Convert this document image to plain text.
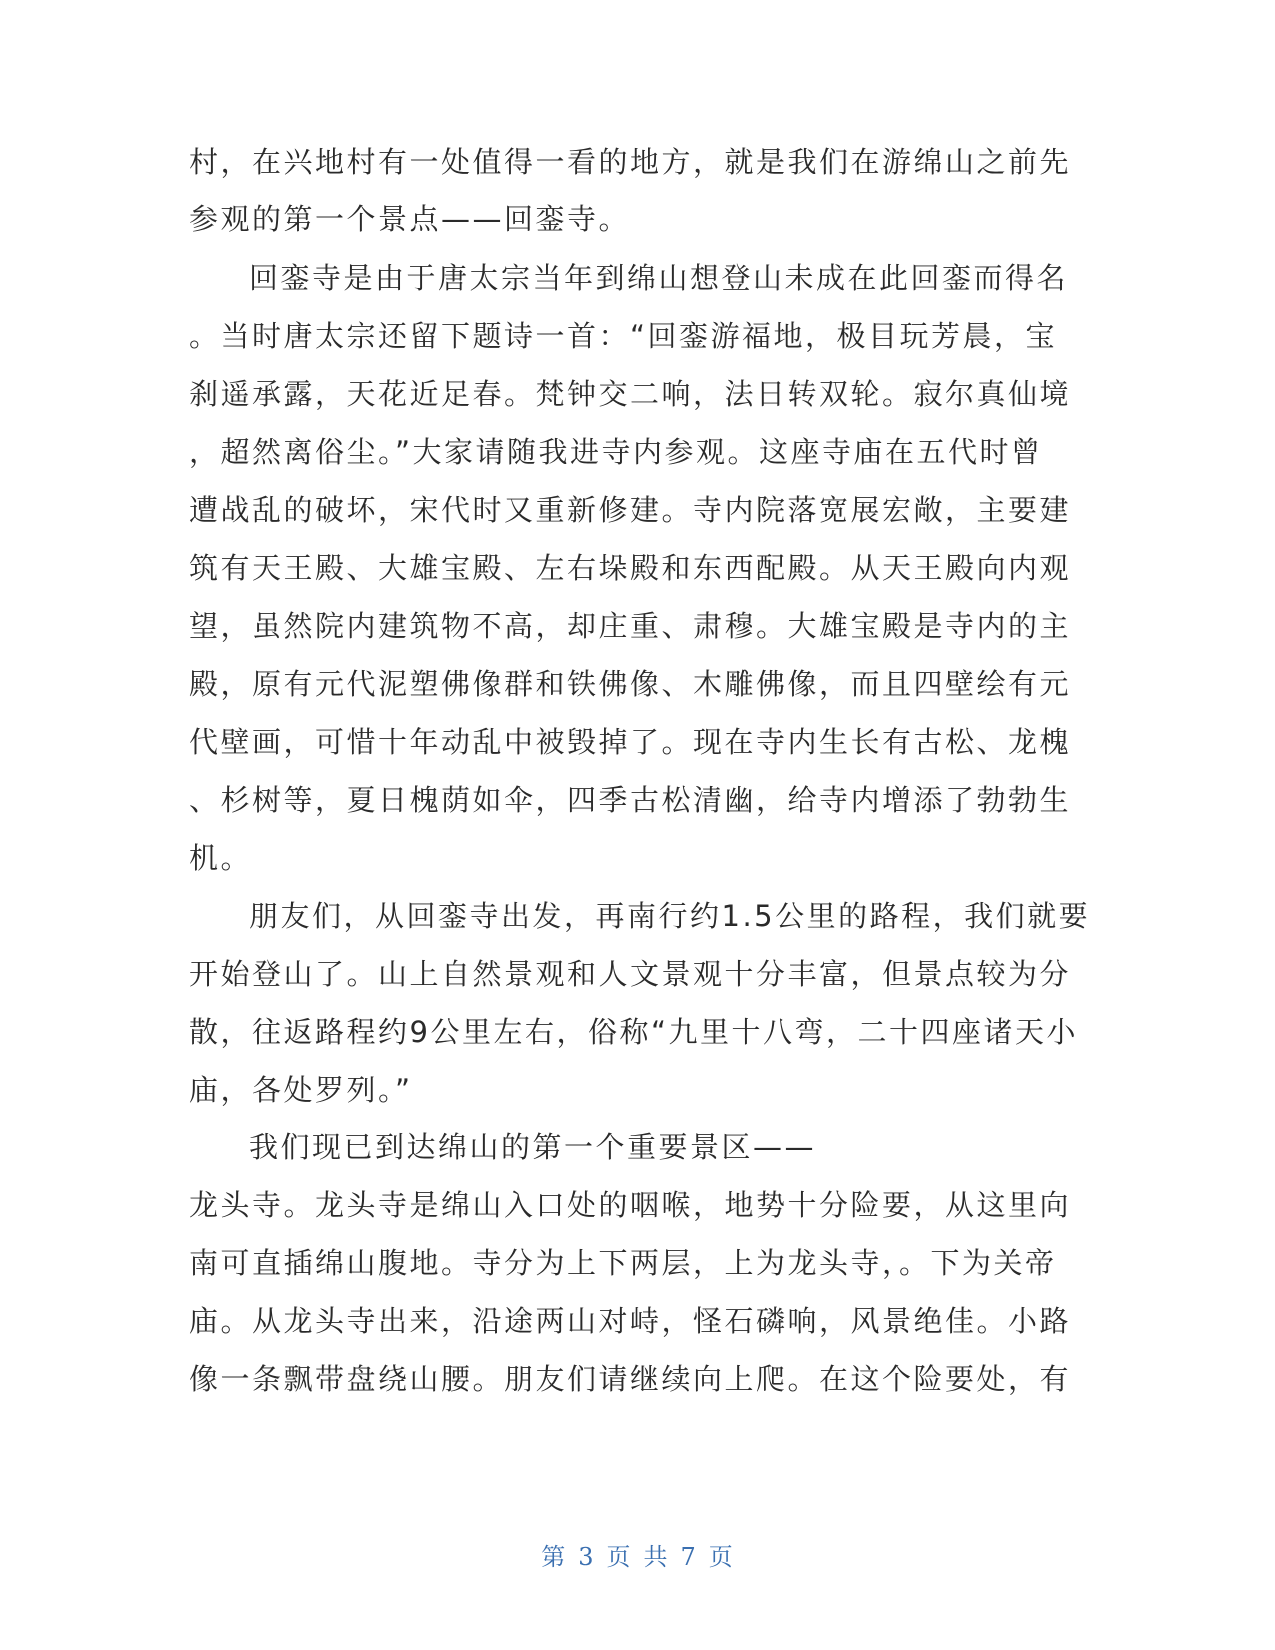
村，在兴地村有一处值得一看的地方，就是我们在游绵山之前先
参观的第一个景点——回銮寺。
回銮寺是由于唐太宗当年到绵山想登山未成在此回銮而得名
。当时唐太宗还留下题诗一首：“回銮游福地，极目玩芳晨，宝
刹遥承露，天花近足春。梵钟交二响，法日转双轮。寂尔真仙境
，超然离俗尘。”大家请随我进寺内参观。这座寺庙在五代时曾
遭战乱的破坏，宋代时又重新修建。寺内院落宽展宏敞，主要建
筑有天王殿、大雄宝殿、左右垛殿和东西配殿。从天王殿向内观
望，虽然院内建筑物不高，却庄重、肃穆。大雄宝殿是寺内的主
殿，原有元代泥塑佛像群和铁佛像、木雕佛像，而且四壁绘有元
代壁画，可惜十年动乱中被毁掉了。现在寺内生长有古松、龙槐
、杉树等，夏日槐荫如伞，四季古松清幽，给寺内增添了勃勃生
机。
朋友们，从回銮寺出发，再南行约1.5公里的路程，我们就要
开始登山了。山上自然景观和人文景观十分丰富，但景点较为分
散，往返路程约9公里左右，俗称“九里十八弯，二十四座诸天小
庙，各处罗列。”
我们现已到达绵山的第一个重要景区——
龙头寺。龙头寺是绵山入口处的咽喉，地势十分险要，从这里向
南可直插绵山腹地。寺分为上下两层，上为龙头寺，。下为关帝
庙。从龙头寺出来，沿途两山对峙，怪石磷响，风景绝佳。小路
像一条飘带盘绕山腰。朋友们请继续向上爬。在这个险要处，有
第 3 页 共 7 页
